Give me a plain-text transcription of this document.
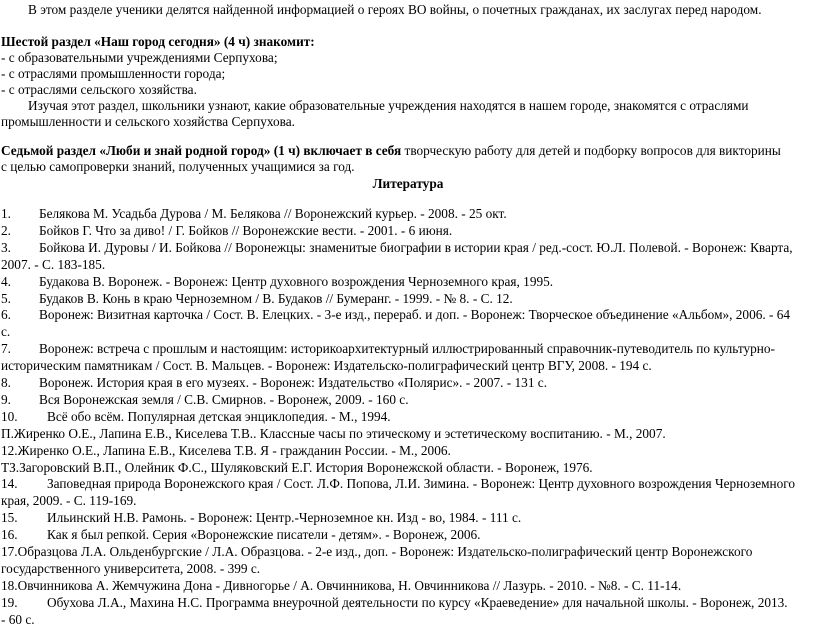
В этом разделе ученики делятся найденной информацией о героях ВО войны, о почетных гражданах, их заслугах перед народом.
Шестой раздел «Наш город сегодня» (4 ч) знакомит:
- с образовательными учреждениями Серпухова;
- с отраслями промышленности города;
- с отраслями сельского хозяйства.
Изучая этот раздел, школьники узнают, какие образовательные учреждения находятся в нашем городе, знакомятся с отраслями
промышленности и сельского хозяйства Серпухова.
Седьмой раздел «Люби и знай родной город» (1 ч) включает в себя творческую работу для детей и подборку вопросов для викторины
с целью самопроверки знаний, полученных учащимися за год.
Литература
1. Белякова М. Усадьба Дурова / М. Белякова // Воронежский курьер. - 2008. - 25 окт.
2. Бойков Г. Что за диво! / Г. Бойков // Воронежские вести. - 2001. - 6 июня.
3. Бойкова И. Дуровы / И. Бойкова // Воронежцы: знаменитые биографии в истории края / ред.-сост. Ю.Л. Полевой. - Воронеж: Кварта,
2007. - С. 183-185.
4. Будакова В. Воронеж. - Воронеж: Центр духовного возрождения Черноземного края, 1995.
5. Будаков В. Конь в краю Черноземном / В. Будаков // Бумеранг. - 1999. - № 8. - С. 12.
6. Воронеж: Визитная карточка / Сост. В. Елецких. - 3-е изд., перераб. и доп. - Воронеж: Творческое объединение «Альбом», 2006. - 64
с.
7. Воронеж: встреча с прошлым и настоящим: историкоархитектурный иллюстрированный справочник-путеводитель по культурно-
историческим памятникам / Сост. В. Мальцев. - Воронеж: Издательско-полиграфический центр ВГУ, 2008. - 194 с.
8. Воронеж. История края в его музеях. - Воронеж: Издательство «Полярис». - 2007. - 131 с.
9. Вся Воронежская земля / С.В. Смирнов. - Воронеж, 2009. - 160 с.
10. Всё обо всём. Популярная детская энциклопедия. - М., 1994.
П.Жиренко О.Е., Лапина Е.В., Киселева Т.В.. Классные часы по этическому и эстетическому воспитанию. - М., 2007.
12.Жиренко О.Е., Лапина Е.В., Киселева Т.В. Я - гражданин России. - М., 2006.
ТЗ.Загоровский В.П., Олейник Ф.С., Шуляковский Е.Г. История Воронежской области. - Воронеж, 1976.
14. Заповедная природа Воронежского края / Сост. Л.Ф. Попова, Л.И. Зимина. - Воронеж: Центр духовного возрождения Черноземного
края, 2009. - С. 119-169.
15. Ильинский Н.В. Рамонь. - Воронеж: Центр.-Черноземное кн. Изд - во, 1984. - 111 с.
16. Как я был репкой. Серия «Воронежские писатели - детям». - Воронеж, 2006.
17.Образцова Л.А. Ольденбургские / Л.А. Образцова. - 2-е изд., доп. - Воронеж: Издательско-полиграфический центр Воронежского
государственного университета, 2008. - 399 с.
18.Овчинникова А. Жемчужина Дона - Дивногорье / А. Овчинникова, Н. Овчинникова // Лазурь. - 2010. - №8. - С. 11-14.
19. Обухова Л.А., Махина Н.С. Программа внеурочной деятельности по курсу «Краеведение» для начальной школы. - Воронеж, 2013.
- 60 с.
